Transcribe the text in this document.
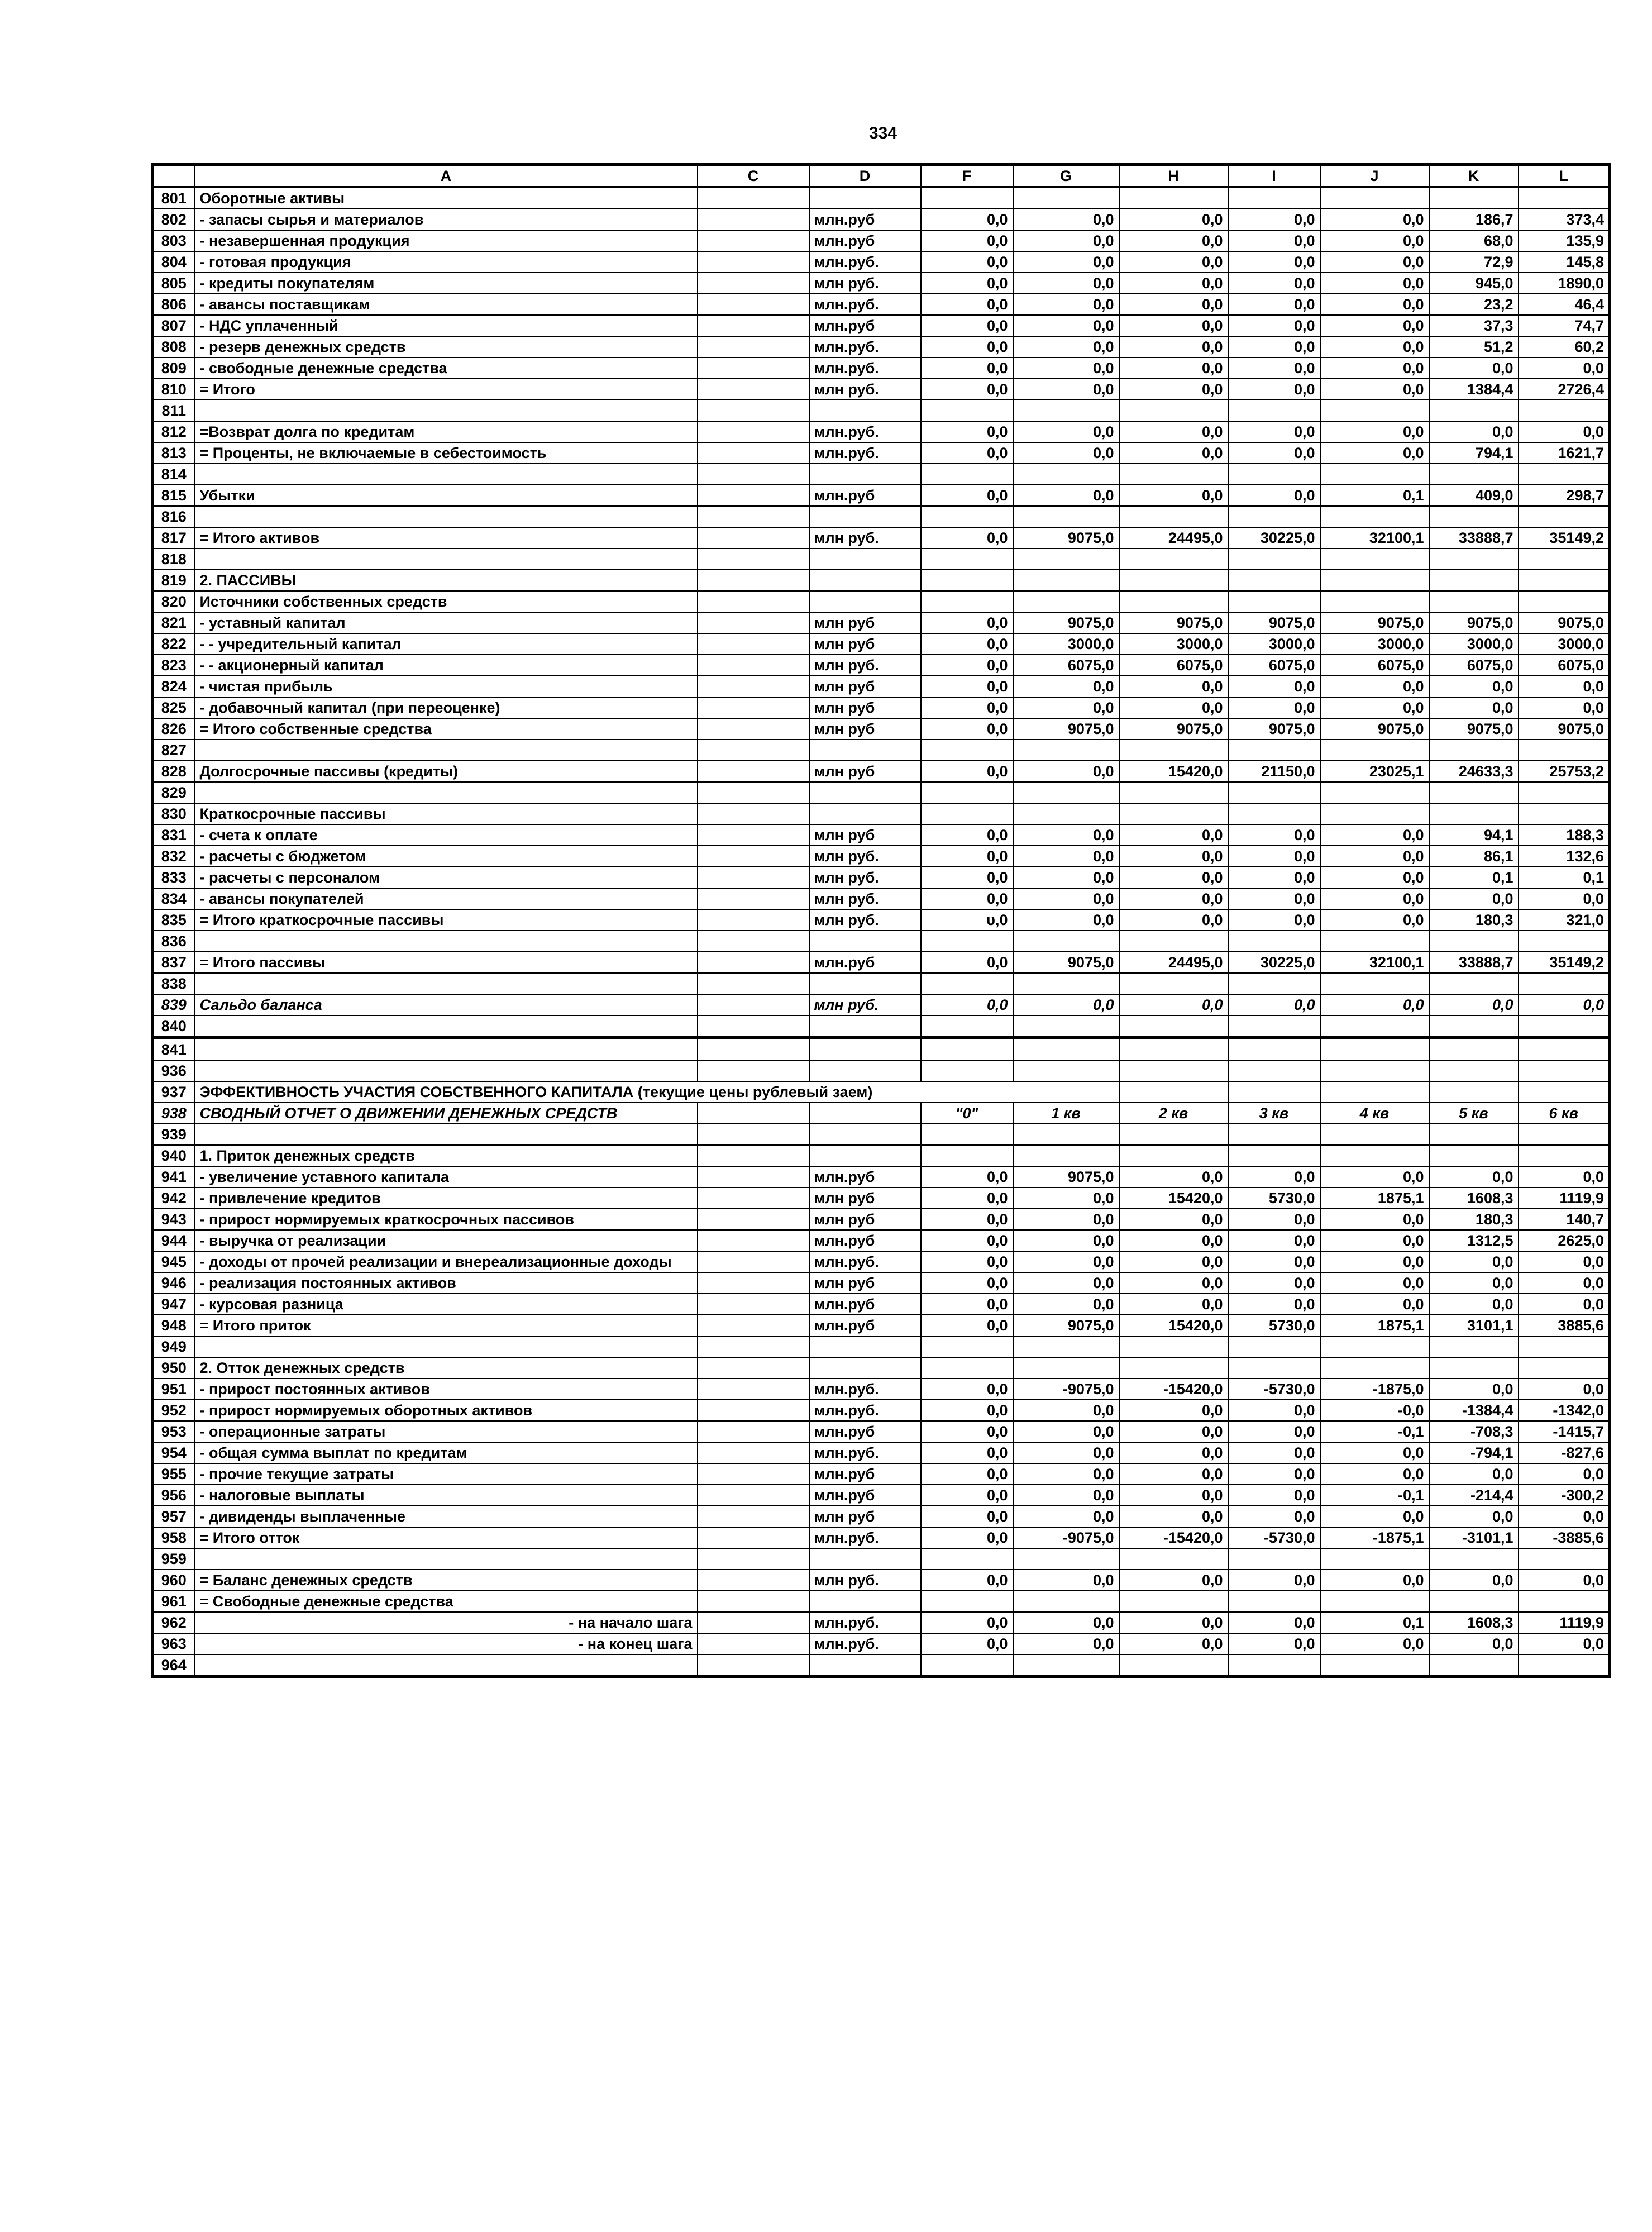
334
	A	C	D	F	G	H	I	J	K	L
801	Оборотные активы									
802	- запасы сырья и материалов		млн.руб	0,0	0,0	0,0	0,0	0,0	186,7	373,4
803	- незавершенная продукция		млн.руб	0,0	0,0	0,0	0,0	0,0	68,0	135,9
804	- готовая продукция		млн.руб.	0,0	0,0	0,0	0,0	0,0	72,9	145,8
805	- кредиты покупателям		млн руб.	0,0	0,0	0,0	0,0	0,0	945,0	1890,0
806	- авансы поставщикам		млн.руб.	0,0	0,0	0,0	0,0	0,0	23,2	46,4
807	- НДС уплаченный		млн.руб	0,0	0,0	0,0	0,0	0,0	37,3	74,7
808	- резерв денежных средств		млн.руб.	0,0	0,0	0,0	0,0	0,0	51,2	60,2
809	- свободные денежные средства		млн.руб.	0,0	0,0	0,0	0,0	0,0	0,0	0,0
810	= Итого		млн руб.	0,0	0,0	0,0	0,0	0,0	1384,4	2726,4
811										
812	=Возврат долга по кредитам		млн.руб.	0,0	0,0	0,0	0,0	0,0	0,0	0,0
813	= Проценты, не включаемые в себестоимость		млн.руб.	0,0	0,0	0,0	0,0	0,0	794,1	1621,7
814										
815	Убытки		млн.руб	0,0	0,0	0,0	0,0	0,1	409,0	298,7
816										
817	= Итого активов		млн руб.	0,0	9075,0	24495,0	30225,0	32100,1	33888,7	35149,2
818										
819	2. ПАССИВЫ									
820	Источники собственных средств									
821	- уставный капитал		млн руб	0,0	9075,0	9075,0	9075,0	9075,0	9075,0	9075,0
822	- - учредительный капитал		млн руб	0,0	3000,0	3000,0	3000,0	3000,0	3000,0	3000,0
823	- - акционерный капитал		млн руб.	0,0	6075,0	6075,0	6075,0	6075,0	6075,0	6075,0
824	- чистая прибыль		млн руб	0,0	0,0	0,0	0,0	0,0	0,0	0,0
825	- добавочный капитал (при переоценке)		млн руб	0,0	0,0	0,0	0,0	0,0	0,0	0,0
826	= Итого собственные средства		млн руб	0,0	9075,0	9075,0	9075,0	9075,0	9075,0	9075,0
827										
828	Долгосрочные пассивы (кредиты)		млн руб	0,0	0,0	15420,0	21150,0	23025,1	24633,3	25753,2
829										
830	Краткосрочные пассивы									
831	- счета к оплате		млн руб	0,0	0,0	0,0	0,0	0,0	94,1	188,3
832	- расчеты с бюджетом		млн руб.	0,0	0,0	0,0	0,0	0,0	86,1	132,6
833	- расчеты с персоналом		млн руб.	0,0	0,0	0,0	0,0	0,0	0,1	0,1
834	- авансы покупателей		млн руб.	0,0	0,0	0,0	0,0	0,0	0,0	0,0
835	= Итого краткосрочные пассивы		млн руб.	υ,0	0,0	0,0	0,0	0,0	180,3	321,0
836										
837	= Итого пассивы		млн.руб	0,0	9075,0	24495,0	30225,0	32100,1	33888,7	35149,2
838										
839	Сальдо баланса		млн руб.	0,0	0,0	0,0	0,0	0,0	0,0	0,0
840										
841										
936										
937	ЭФФЕКТИВНОСТЬ УЧАСТИЯ СОБСТВЕННОГО КАПИТАЛА (текущие цены рублевый заем)									
938	СВОДНЫЙ ОТЧЕТ О ДВИЖЕНИИ ДЕНЕЖНЫХ СРЕДСТВ			"0"	1 кв	2 кв	3 кв	4 кв	5 кв	6 кв
939										
940	1. Приток денежных средств									
941	- увеличение уставного капитала		млн.руб	0,0	9075,0	0,0	0,0	0,0	0,0	0,0
942	- привлечение кредитов		млн руб	0,0	0,0	15420,0	5730,0	1875,1	1608,3	1119,9
943	- прирост нормируемых краткосрочных пассивов		млн руб	0,0	0,0	0,0	0,0	0,0	180,3	140,7
944	- выручка от реализации		млн.руб	0,0	0,0	0,0	0,0	0,0	1312,5	2625,0
945	- доходы от прочей реализации и внереализационные доходы		млн.руб.	0,0	0,0	0,0	0,0	0,0	0,0	0,0
946	- реализация постоянных активов		млн руб	0,0	0,0	0,0	0,0	0,0	0,0	0,0
947	- курсовая разница		млн.руб	0,0	0,0	0,0	0,0	0,0	0,0	0,0
948	= Итого приток		млн.руб	0,0	9075,0	15420,0	5730,0	1875,1	3101,1	3885,6
949										
950	2. Отток денежных средств									
951	- прирост постоянных активов		млн.руб.	0,0	-9075,0	-15420,0	-5730,0	-1875,0	0,0	0,0
952	- прирост нормируемых оборотных активов		млн.руб.	0,0	0,0	0,0	0,0	-0,0	-1384,4	-1342,0
953	- операционные затраты		млн.руб	0,0	0,0	0,0	0,0	-0,1	-708,3	-1415,7
954	- общая сумма выплат по кредитам		млн.руб.	0,0	0,0	0,0	0,0	0,0	-794,1	-827,6
955	- прочие текущие затраты		млн.руб	0,0	0,0	0,0	0,0	0,0	0,0	0,0
956	- налоговые выплаты		млн.руб	0,0	0,0	0,0	0,0	-0,1	-214,4	-300,2
957	- дивиденды выплаченные		млн руб	0,0	0,0	0,0	0,0	0,0	0,0	0,0
958	= Итого отток		млн.руб.	0,0	-9075,0	-15420,0	-5730,0	-1875,1	-3101,1	-3885,6
959										
960	= Баланс денежных средств		млн руб.	0,0	0,0	0,0	0,0	0,0	0,0	0,0
961	= Свободные денежные средства									
962	- на начало шага		млн.руб.	0,0	0,0	0,0	0,0	0,1	1608,3	1119,9
963	- на конец шага		млн.руб.	0,0	0,0	0,0	0,0	0,0	0,0	0,0
964										
